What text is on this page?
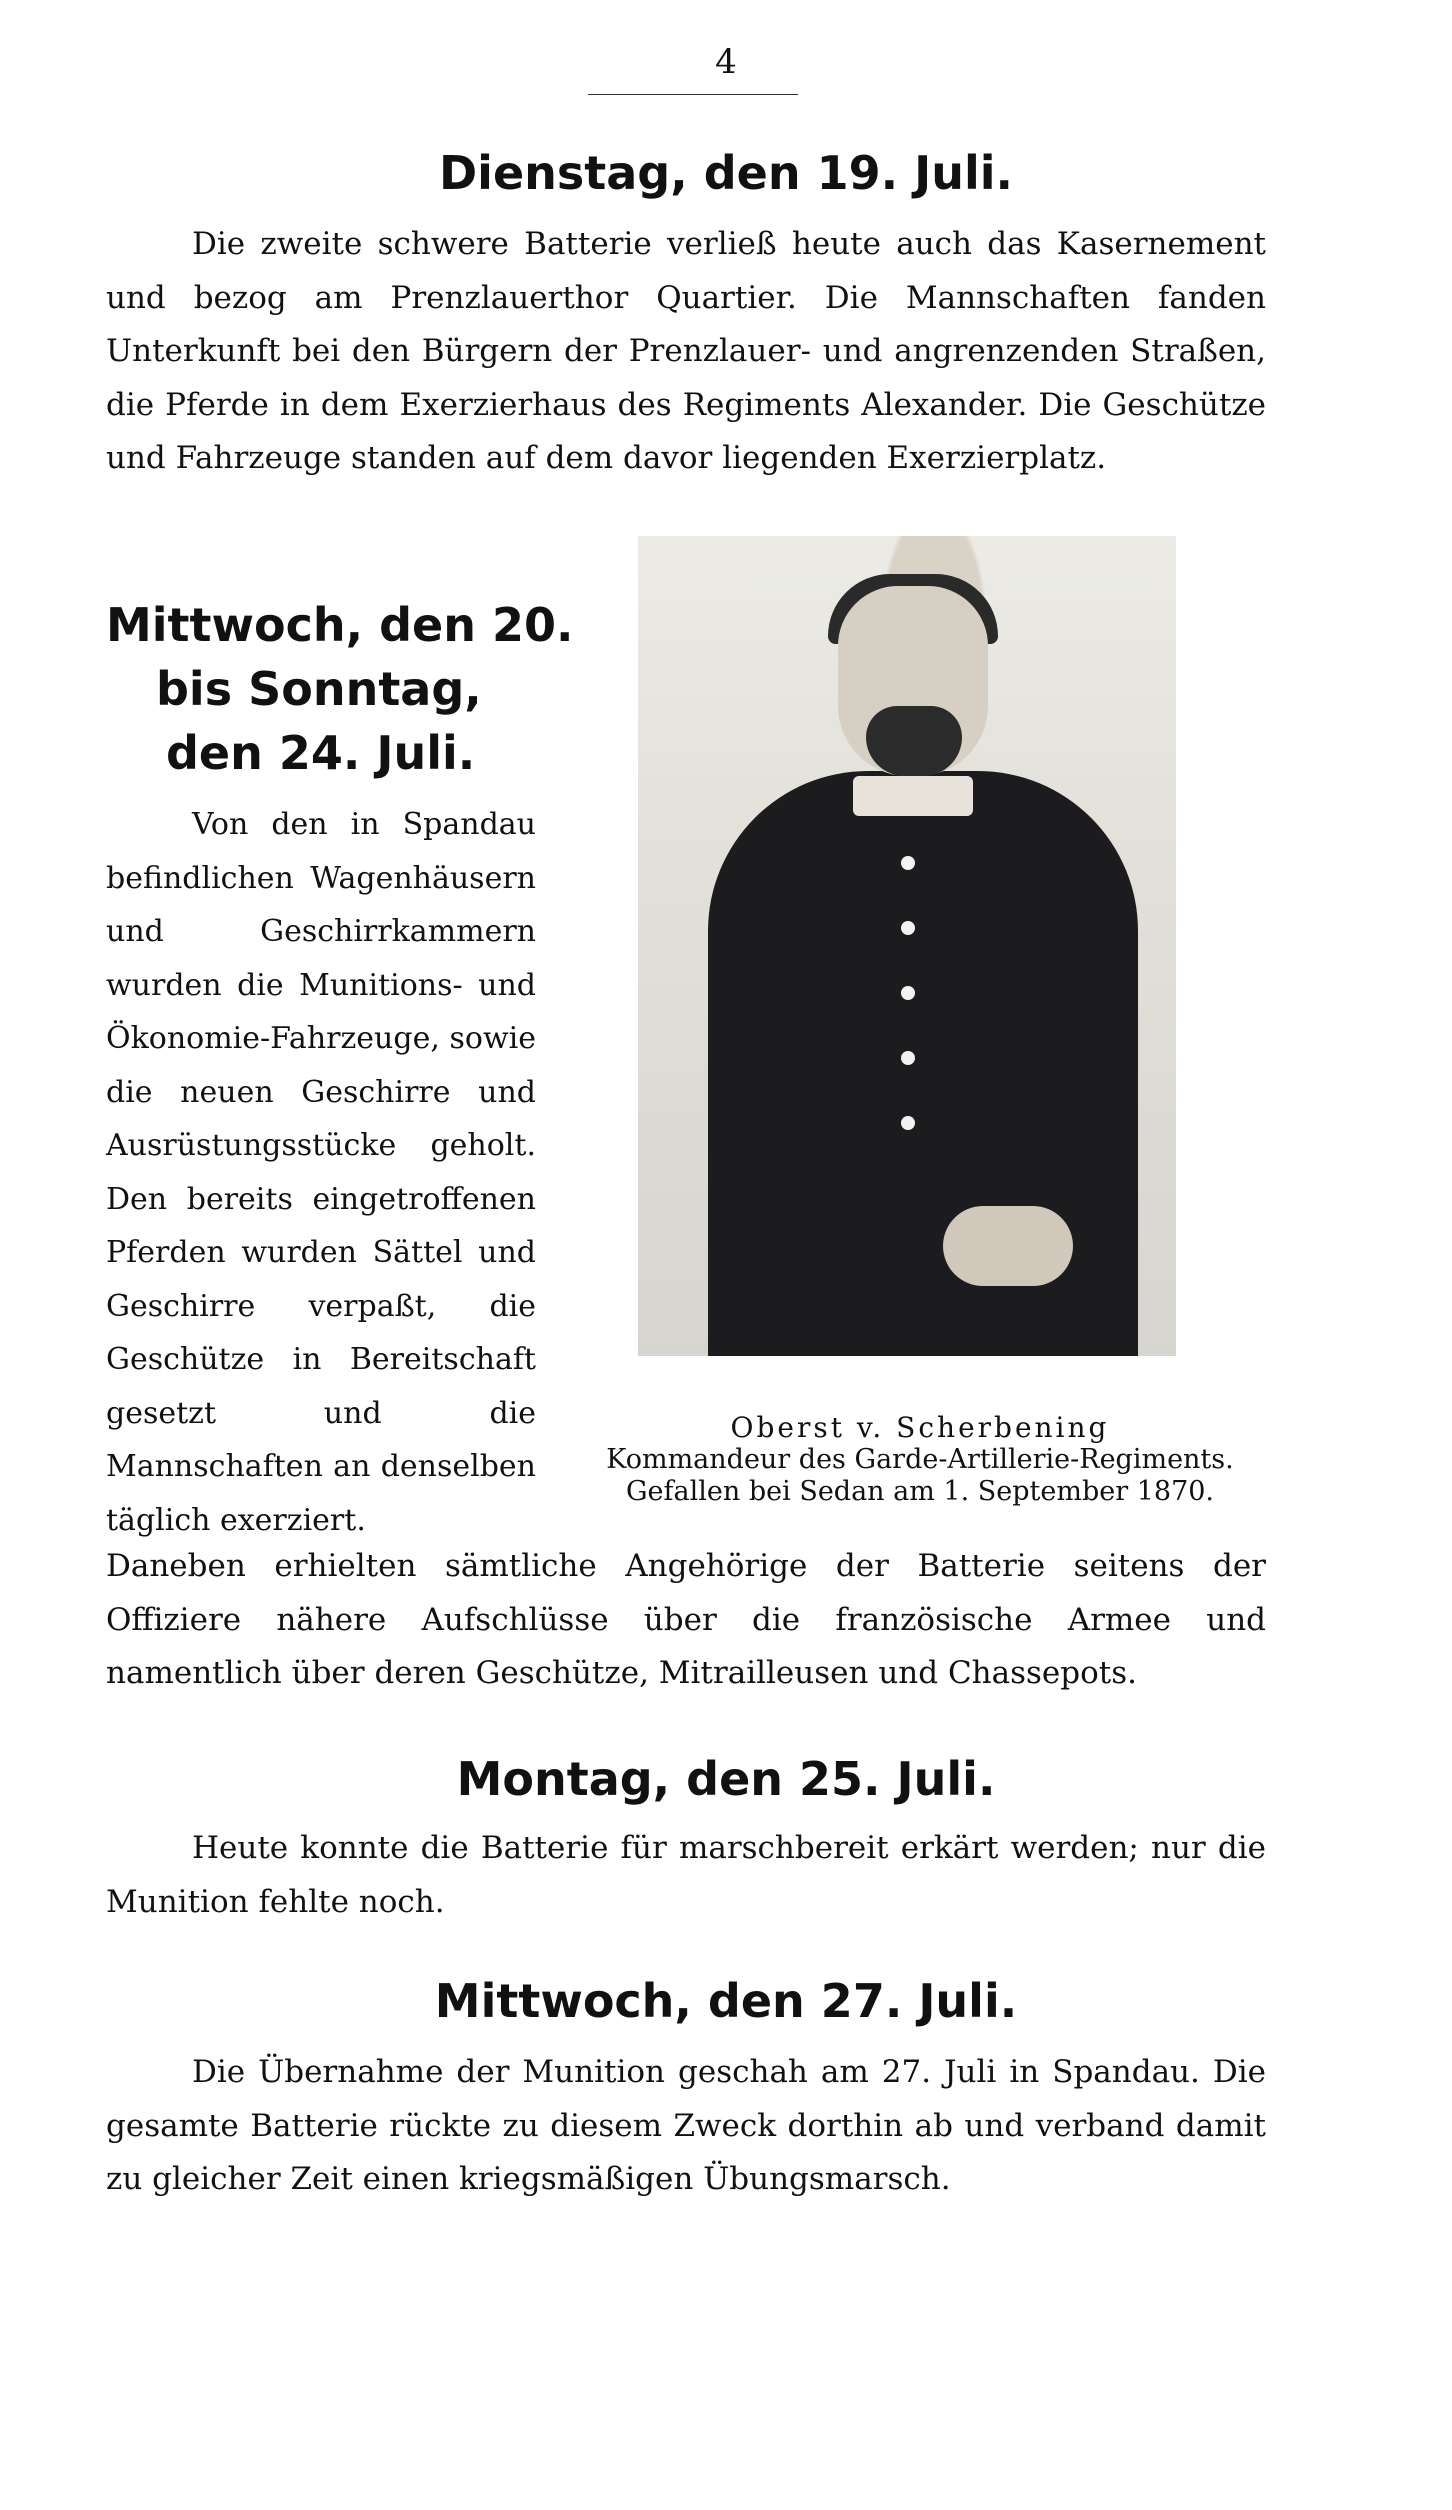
4
Dienstag, den 19. Juli.
Die zweite schwere Batterie verließ heute auch das Kasernement und bezog am Prenzlauerthor Quartier. Die Mannschaften fanden Unterkunft bei den Bürgern der Prenzlauer- und angrenzenden Straßen, die Pferde in dem Exerzierhaus des Regiments Alexander. Die Geschütze und Fahrzeuge standen auf dem davor liegenden Exerzierplatz.
Mittwoch, den 20.
bis Sonntag,
den 24. Juli.
Von den in Spandau befindlichen Wagenhäusern und Geschirrkammern wurden die Munitions- und Ökonomie-Fahrzeuge, sowie die neuen Geschirre und Ausrüstungsstücke geholt. Den bereits eingetroffenen Pferden wurden Sättel und Geschirre verpaßt, die Geschütze in Bereitschaft gesetzt und die Mannschaften an denselben täglich exerziert.
Oberst v. Scherbening
Kommandeur des Garde-Artillerie-Regiments.
Gefallen bei Sedan am 1. September 1870.
Daneben erhielten sämtliche Angehörige der Batterie seitens der Offiziere nähere Aufschlüsse über die französische Armee und namentlich über deren Geschütze, Mitrailleusen und Chassepots.
Montag, den 25. Juli.
Heute konnte die Batterie für marschbereit erkärt werden; nur die Munition fehlte noch.
Mittwoch, den 27. Juli.
Die Übernahme der Munition geschah am 27. Juli in Spandau. Die gesamte Batterie rückte zu diesem Zweck dorthin ab und verband damit zu gleicher Zeit einen kriegsmäßigen Übungsmarsch.
